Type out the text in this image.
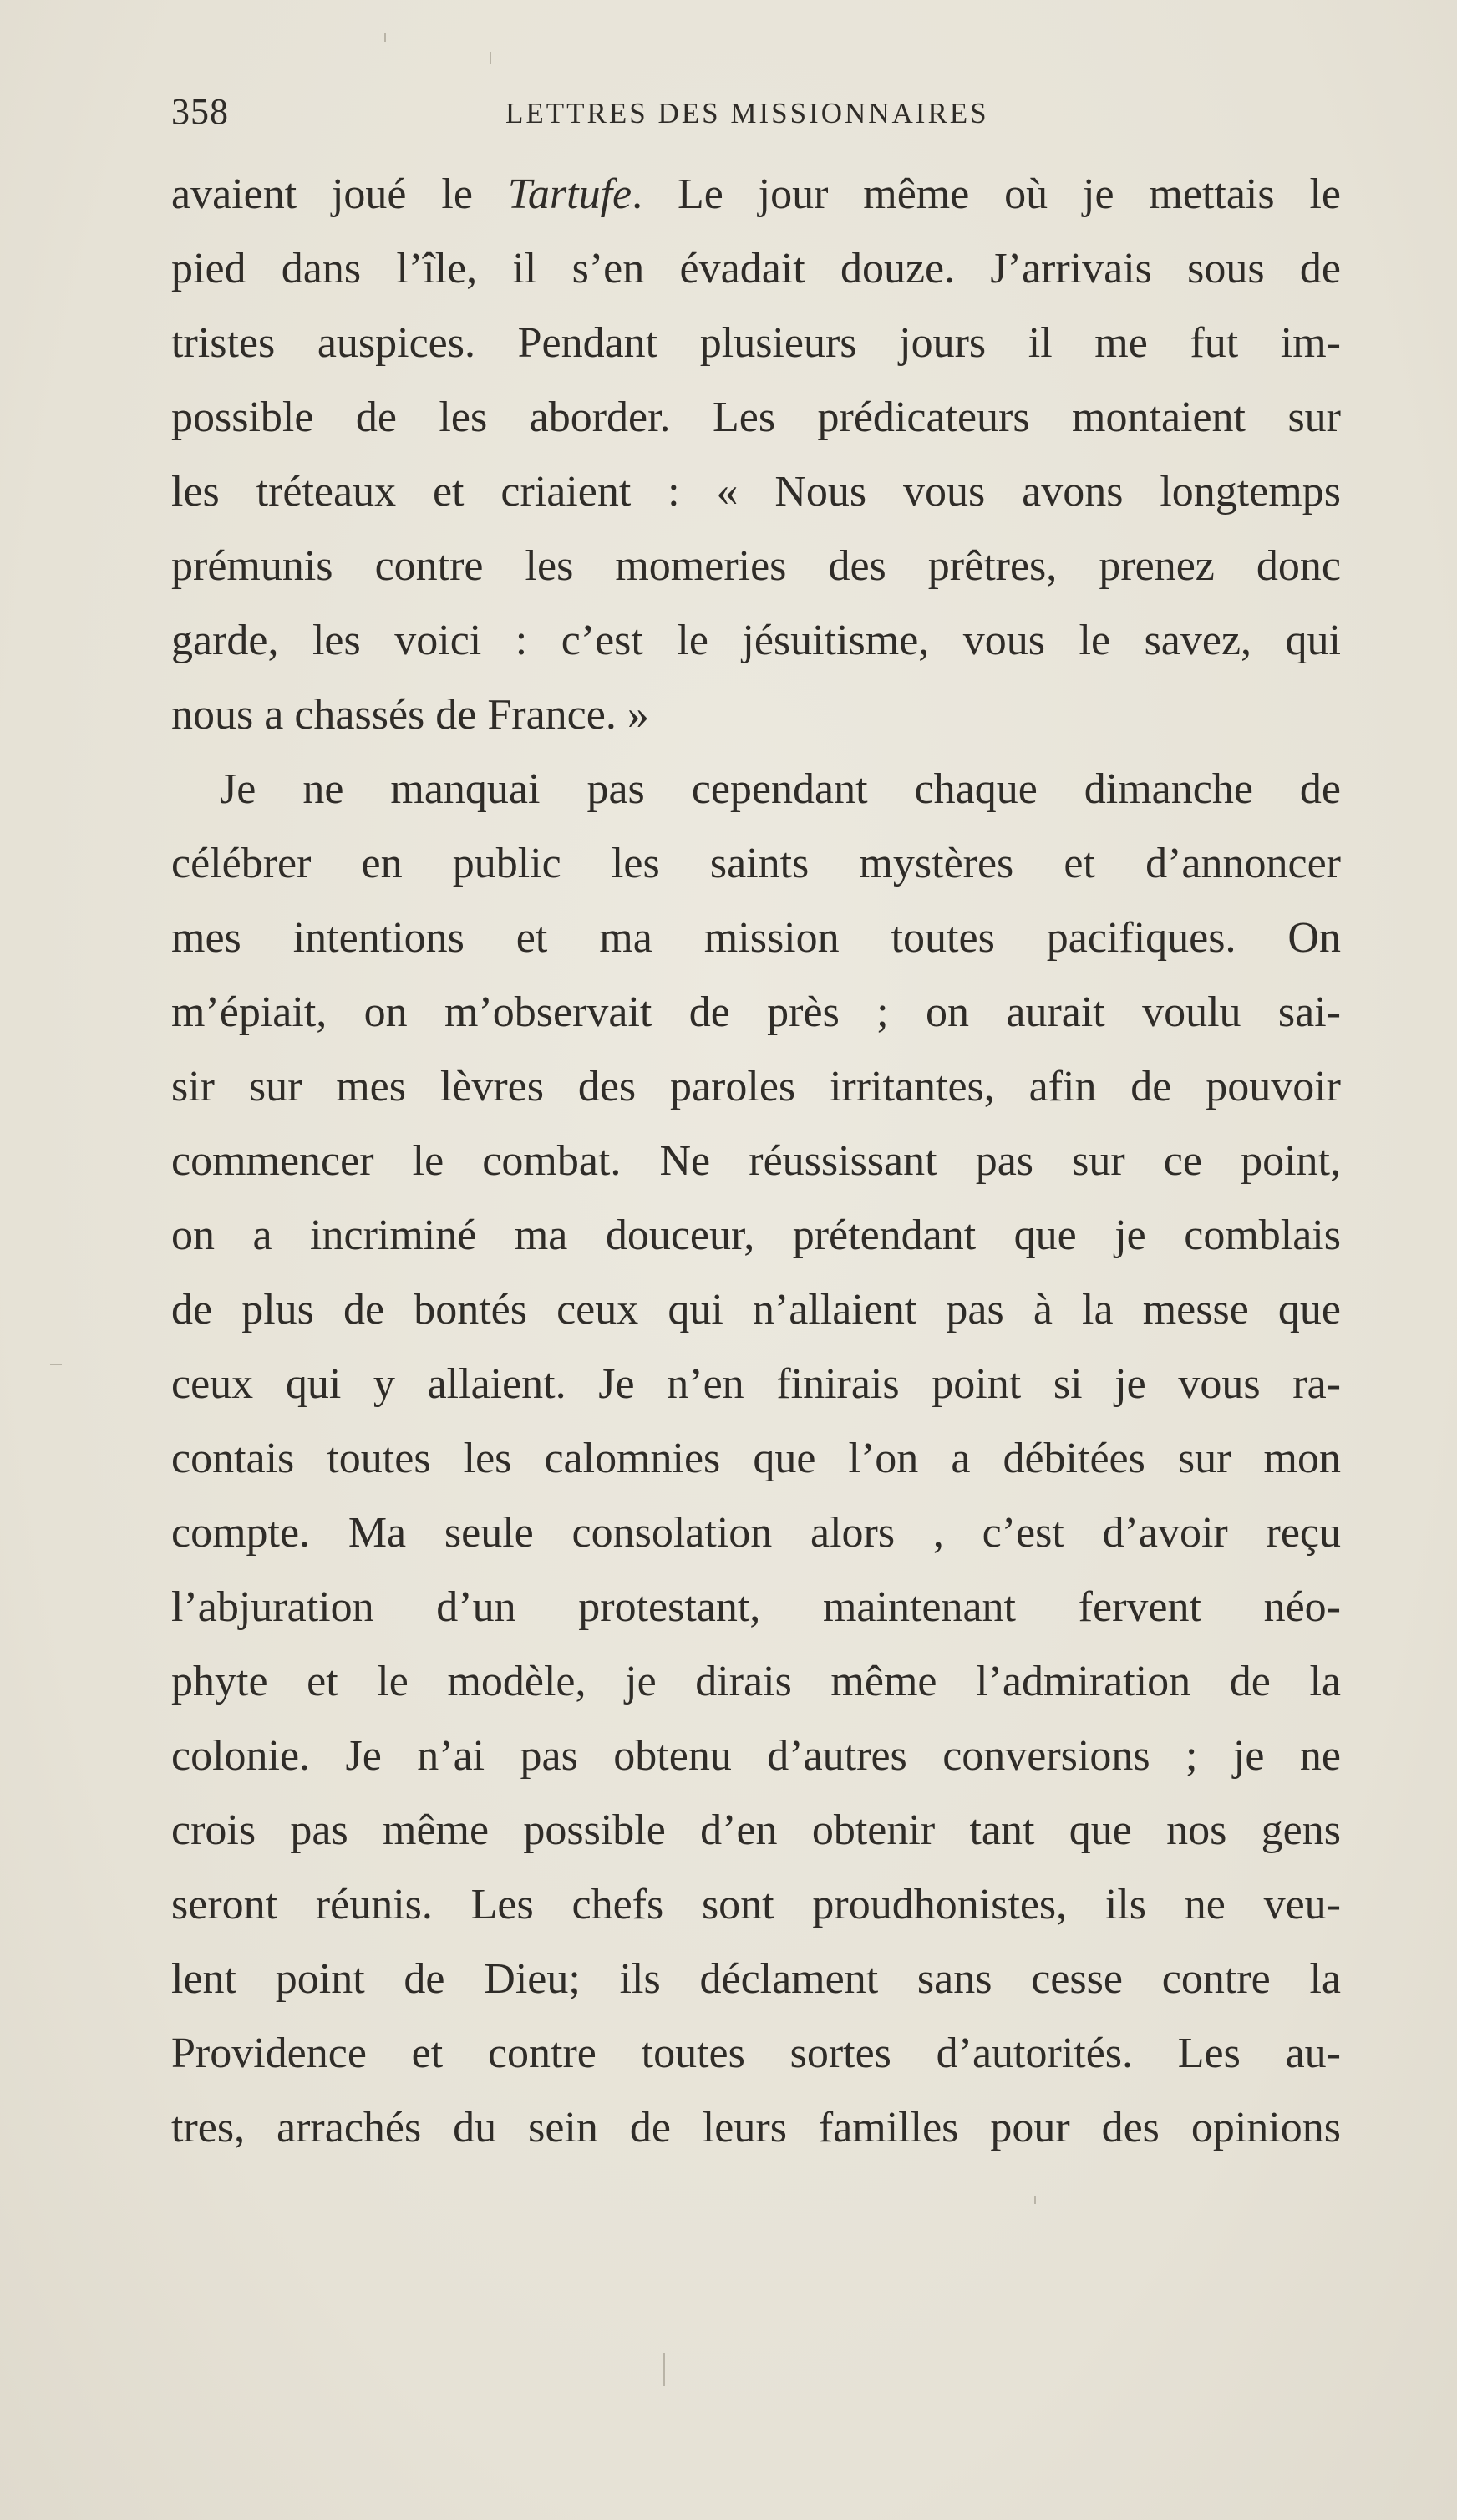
358	LETTRES DES MISSIONNAIRES
avaient joué le Tartufe. Le jour même où je mettais le
pied dans l’île, il s’en évadait douze. J’arrivais sous de
tristes auspices. Pendant plusieurs jours il me fut im-
possible de les aborder. Les prédicateurs montaient sur
les tréteaux et criaient : « Nous vous avons longtemps
prémunis contre les momeries des prêtres, prenez donc
garde, les voici : c’est le jésuitisme, vous le savez, qui
nous a chassés de France. »
Je ne manquai pas cependant chaque dimanche de
célébrer en public les saints mystères et d’annoncer
mes intentions et ma mission toutes pacifiques. On
m’épiait, on m’observait de près ; on aurait voulu sai-
sir sur mes lèvres des paroles irritantes, afin de pouvoir
commencer le combat. Ne réussissant pas sur ce point,
on a incriminé ma douceur, prétendant que je comblais
de plus de bontés ceux qui n’allaient pas à la messe que
ceux qui y allaient. Je n’en finirais point si je vous ra-
contais toutes les calomnies que l’on a débitées sur mon
compte. Ma seule consolation alors , c’est d’avoir reçu
l’abjuration d’un protestant, maintenant fervent néo-
phyte et le modèle, je dirais même l’admiration de la
colonie. Je n’ai pas obtenu d’autres conversions ; je ne
crois pas même possible d’en obtenir tant que nos gens
seront réunis. Les chefs sont proudhonistes, ils ne veu-
lent point de Dieu; ils déclament sans cesse contre la
Providence et contre toutes sortes d’autorités. Les au-
tres, arrachés du sein de leurs familles pour des opinions
